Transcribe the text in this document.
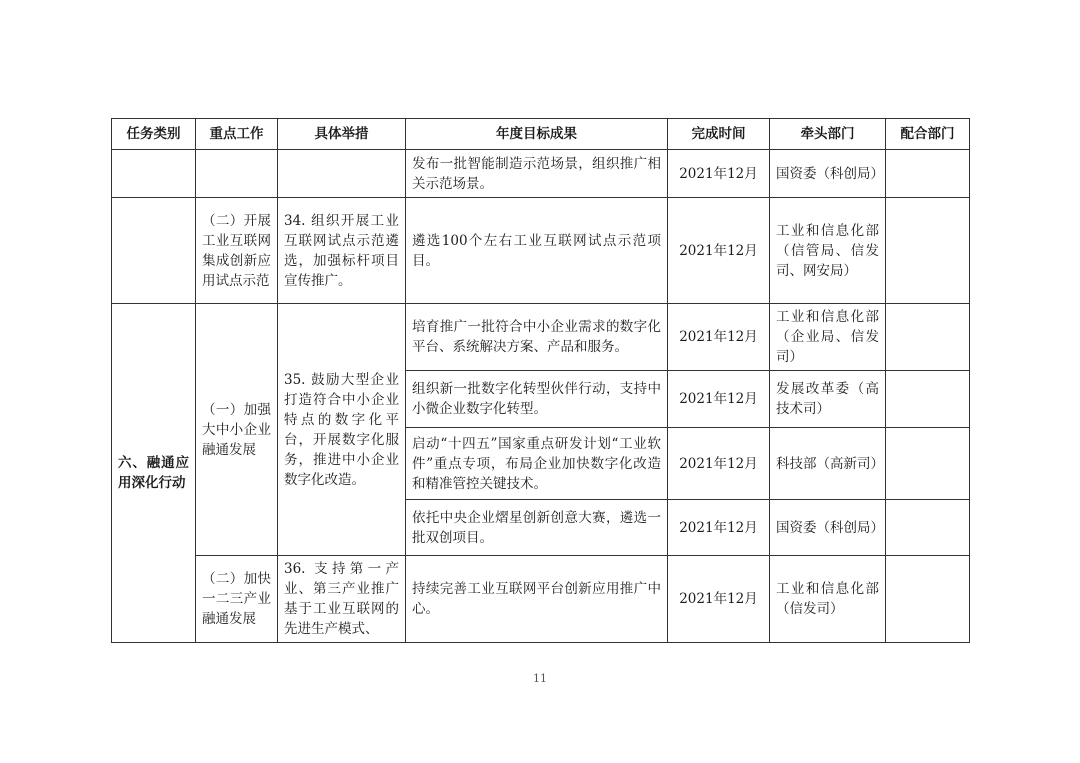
任务类别	重点工作	具体举措	年度目标成果	完成时间	牵头部门	配合部门
			发布一批智能制造示范场景，组织推广相关示范场景。	2021年12月	国资委（科创局）	
	（二）开展工业互联网集成创新应用试点示范	34. 组织开展工业互联网试点示范遴选，加强标杆项目宣传推广。	遴选100个左右工业互联网试点示范项目。	2021年12月	工业和信息化部（信管局、信发司、网安局）	
六、融通应用深化行动	（一）加强大中小企业融通发展	35. 鼓励大型企业打造符合中小企业特点的数字化平台，开展数字化服务，推进中小企业数字化改造。	培育推广一批符合中小企业需求的数字化平台、系统解决方案、产品和服务。	2021年12月	工业和信息化部（企业局、信发司）	
			组织新一批数字化转型伙伴行动，支持中小微企业数字化转型。	2021年12月	发展改革委（高技术司）	
			启动“十四五”国家重点研发计划“工业软件”重点专项，布局企业加快数字化改造和精准管控关键技术。	2021年12月	科技部（高新司）	
			依托中央企业熠星创新创意大赛，遴选一批双创项目。	2021年12月	国资委（科创局）	
	（二）加快一二三产业融通发展	36. 支持第一产业、第三产业推广基于工业互联网的先进生产模式、	持续完善工业互联网平台创新应用推广中心。	2021年12月	工业和信息化部（信发司）	
11
